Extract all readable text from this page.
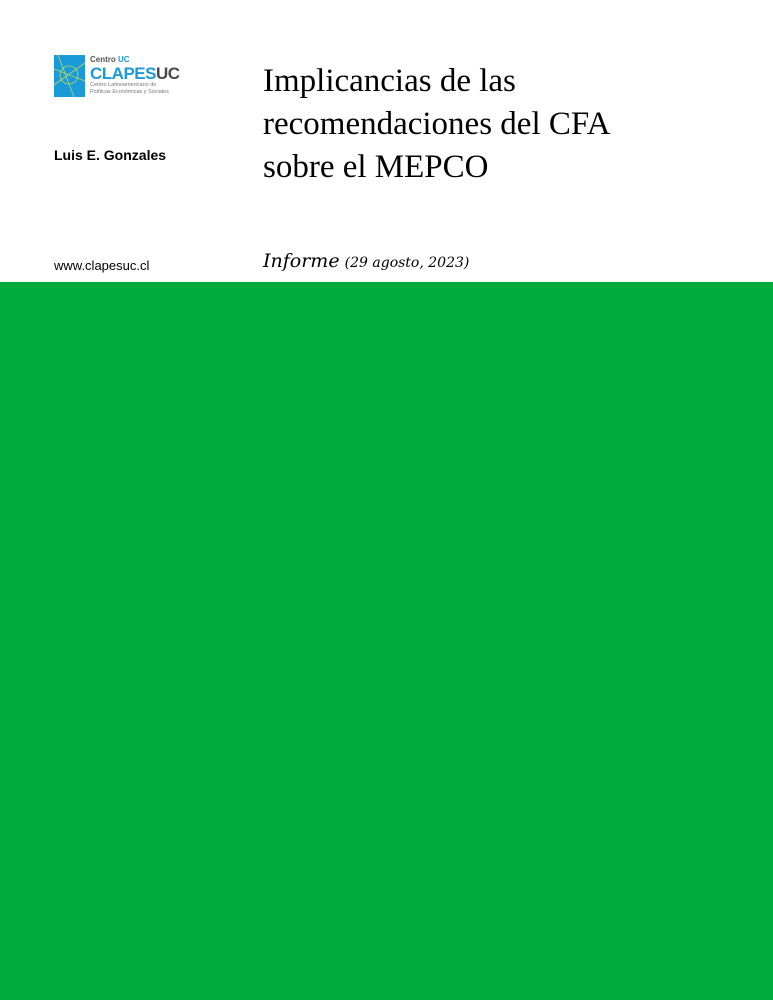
Centro UC
CLAPESUC
Centro Latinoamericano de
Políticas Económicas y Sociales
Luis E. Gonzales
www.clapesuc.cl
Implicancias de las
recomendaciones del CFA
sobre el MEPCO
Informe (29 agosto, 2023)
